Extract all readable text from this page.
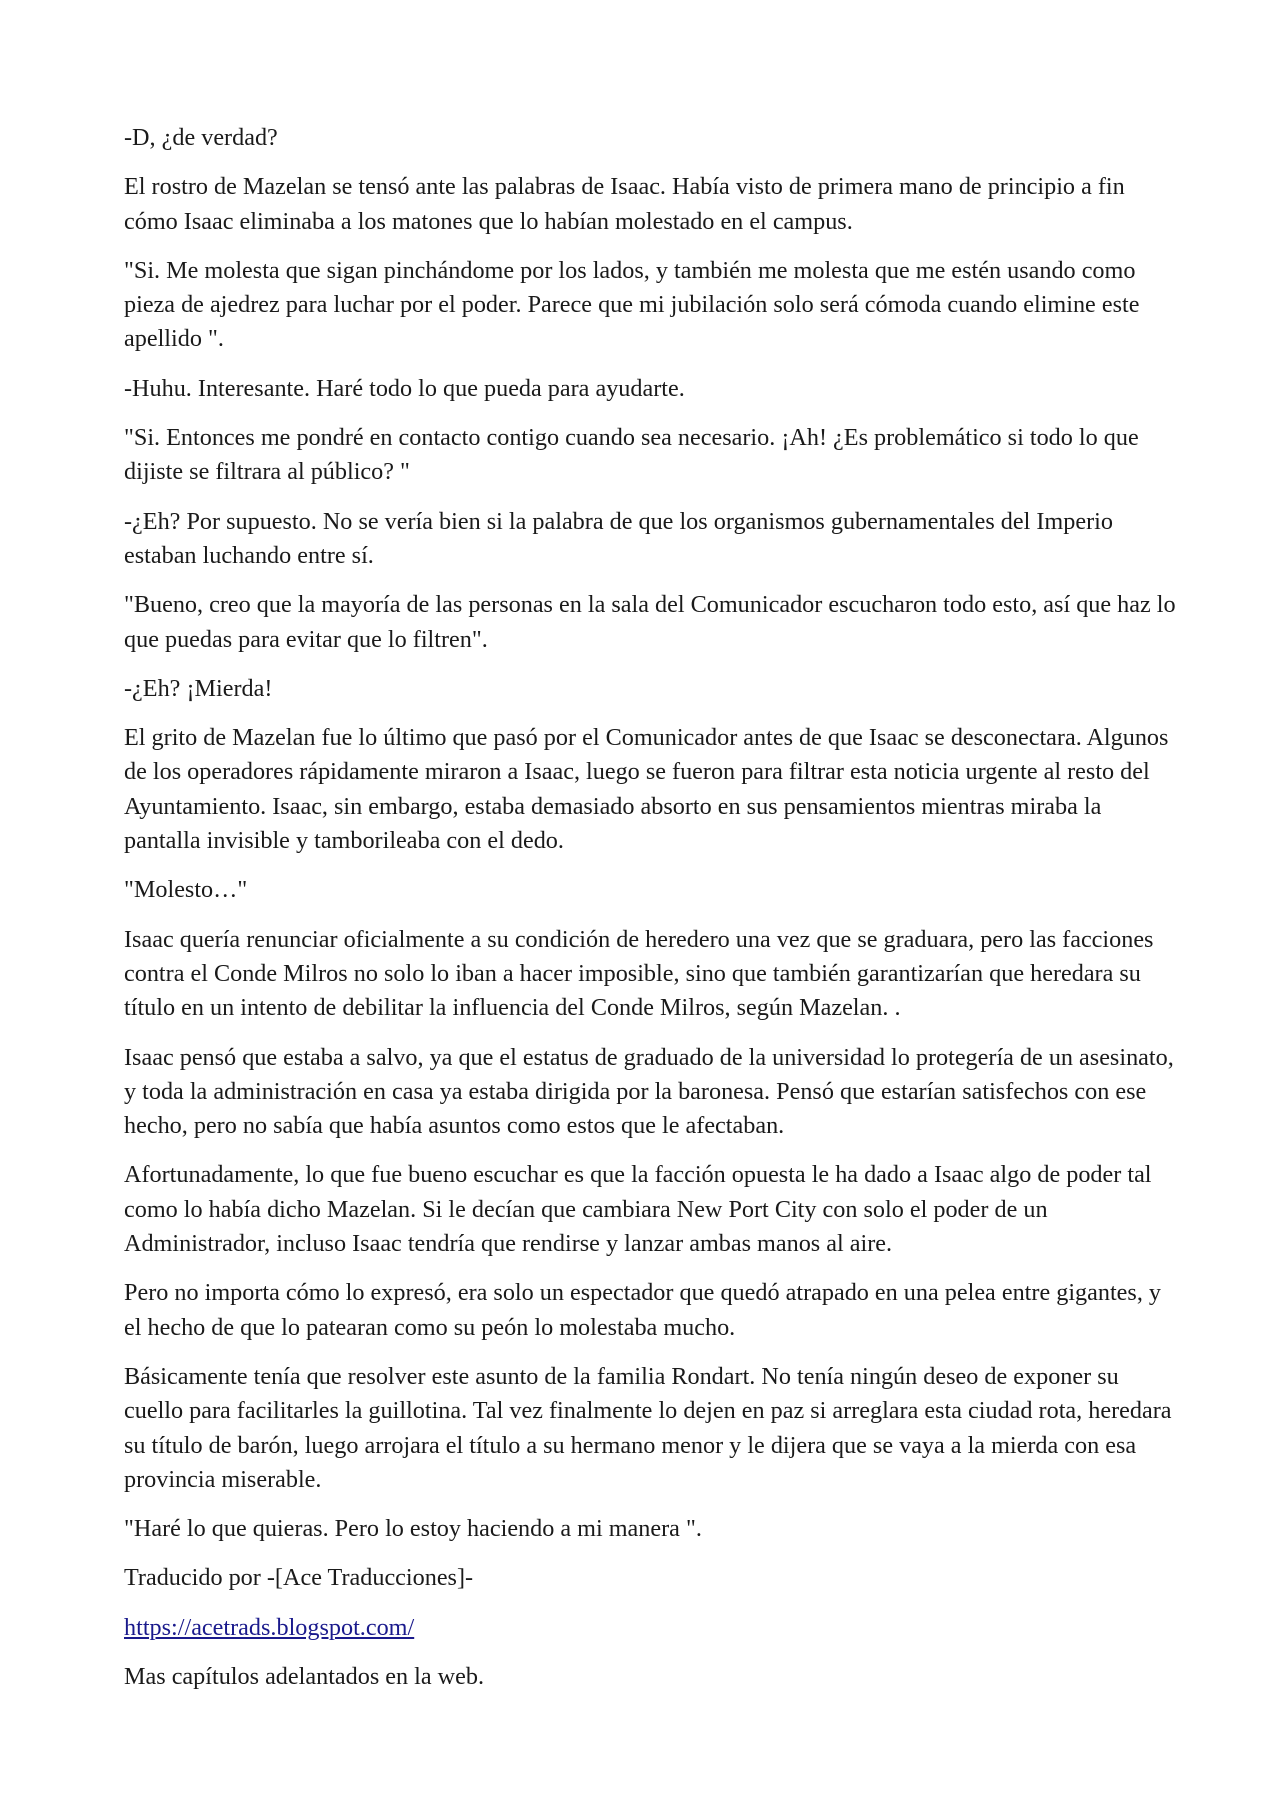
-D, ¿de verdad?

El rostro de Mazelan se tensó ante las palabras de Isaac. Había visto de primera mano de principio a fin cómo Isaac eliminaba a los matones que lo habían molestado en el campus.

"Si. Me molesta que sigan pinchándome por los lados, y también me molesta que me estén usando como pieza de ajedrez para luchar por el poder. Parece que mi jubilación solo será cómoda cuando elimine este apellido ".

-Huhu. Interesante. Haré todo lo que pueda para ayudarte.

"Si. Entonces me pondré en contacto contigo cuando sea necesario. ¡Ah! ¿Es problemático si todo lo que dijiste se filtrara al público? "

-¿Eh? Por supuesto. No se vería bien si la palabra de que los organismos gubernamentales del Imperio estaban luchando entre sí.

"Bueno, creo que la mayoría de las personas en la sala del Comunicador escucharon todo esto, así que haz lo que puedas para evitar que lo filtren".

-¿Eh? ¡Mierda!

El grito de Mazelan fue lo último que pasó por el Comunicador antes de que Isaac se desconectara. Algunos de los operadores rápidamente miraron a Isaac, luego se fueron para filtrar esta noticia urgente al resto del Ayuntamiento. Isaac, sin embargo, estaba demasiado absorto en sus pensamientos mientras miraba la pantalla invisible y tamborileaba con el dedo.

"Molesto…"

Isaac quería renunciar oficialmente a su condición de heredero una vez que se graduara, pero las facciones contra el Conde Milros no solo lo iban a hacer imposible, sino que también garantizarían que heredara su título en un intento de debilitar la influencia del Conde Milros, según Mazelan. .

Isaac pensó que estaba a salvo, ya que el estatus de graduado de la universidad lo protegería de un asesinato, y toda la administración en casa ya estaba dirigida por la baronesa. Pensó que estarían satisfechos con ese hecho, pero no sabía que había asuntos como estos que le afectaban.

Afortunadamente, lo que fue bueno escuchar es que la facción opuesta le ha dado a Isaac algo de poder tal como lo había dicho Mazelan. Si le decían que cambiara New Port City con solo el poder de un Administrador, incluso Isaac tendría que rendirse y lanzar ambas manos al aire.

Pero no importa cómo lo expresó, era solo un espectador que quedó atrapado en una pelea entre gigantes, y el hecho de que lo patearan como su peón lo molestaba mucho.

Básicamente tenía que resolver este asunto de la familia Rondart. No tenía ningún deseo de exponer su cuello para facilitarles la guillotina. Tal vez finalmente lo dejen en paz si arreglara esta ciudad rota, heredara su título de barón, luego arrojara el título a su hermano menor y le dijera que se vaya a la mierda con esa provincia miserable.

"Haré lo que quieras. Pero lo estoy haciendo a mi manera ".

Traducido por -[Ace Traducciones]-

https://acetrads.blogspot.com/

Mas capítulos adelantados en la web.
